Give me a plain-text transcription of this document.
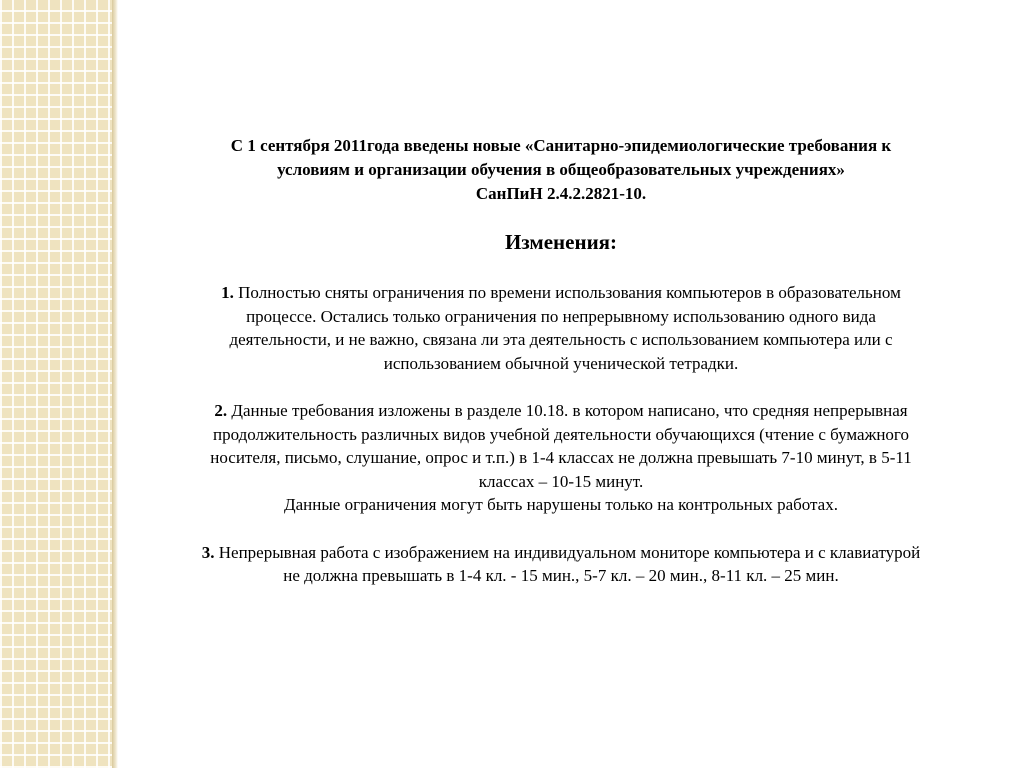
С 1 сентября 2011года введены новые «Санитарно-эпидемиологические требования к
условиям и организации обучения в общеобразовательных учреждениях»
СанПиН 2.4.2.2821-10.
Изменения:
1. Полностью сняты ограничения по времени использования компьютеров в образовательном
процессе. Остались только ограничения по непрерывному использованию одного вида
деятельности, и не важно, связана ли эта деятельность с использованием компьютера или с
использованием обычной ученической тетрадки.
2. Данные требования изложены в разделе 10.18. в котором написано, что средняя непрерывная
продолжительность различных видов учебной деятельности обучающихся (чтение с бумажного
носителя, письмо, слушание, опрос и т.п.) в 1-4 классах не должна превышать 7-10 минут, в 5-11
классах – 10-15 минут.
Данные ограничения могут быть нарушены только на контрольных работах.
3. Непрерывная работа с изображением на индивидуальном мониторе компьютера и с клавиатурой
не должна превышать в 1-4 кл. - 15 мин., 5-7 кл. – 20 мин., 8-11 кл. – 25 мин.
